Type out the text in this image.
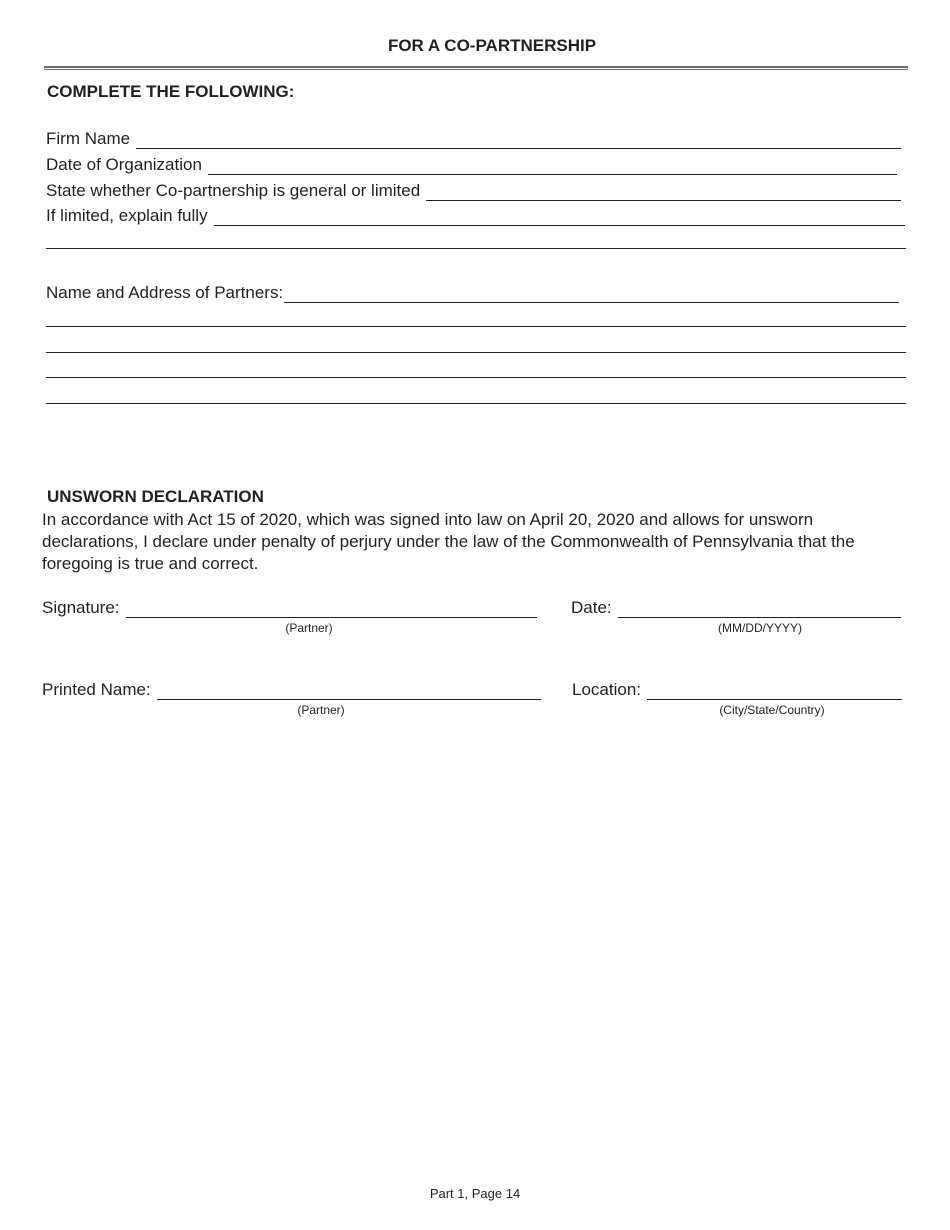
FOR A CO-PARTNERSHIP
COMPLETE THE FOLLOWING:
Firm Name
Date of Organization
State whether Co-partnership is general or limited
If limited, explain fully
Name and Address of Partners:
UNSWORN DECLARATION
In accordance with Act 15 of 2020, which was signed into law on April 20, 2020 and allows for unsworn declarations, I declare under penalty of perjury under the law of the Commonwealth of Pennsylvania that the foregoing is true and correct.
Signature:
(Partner)
Date:
(MM/DD/YYYY)
Printed Name:
(Partner)
Location:
(City/State/Country)
Part 1, Page 14
